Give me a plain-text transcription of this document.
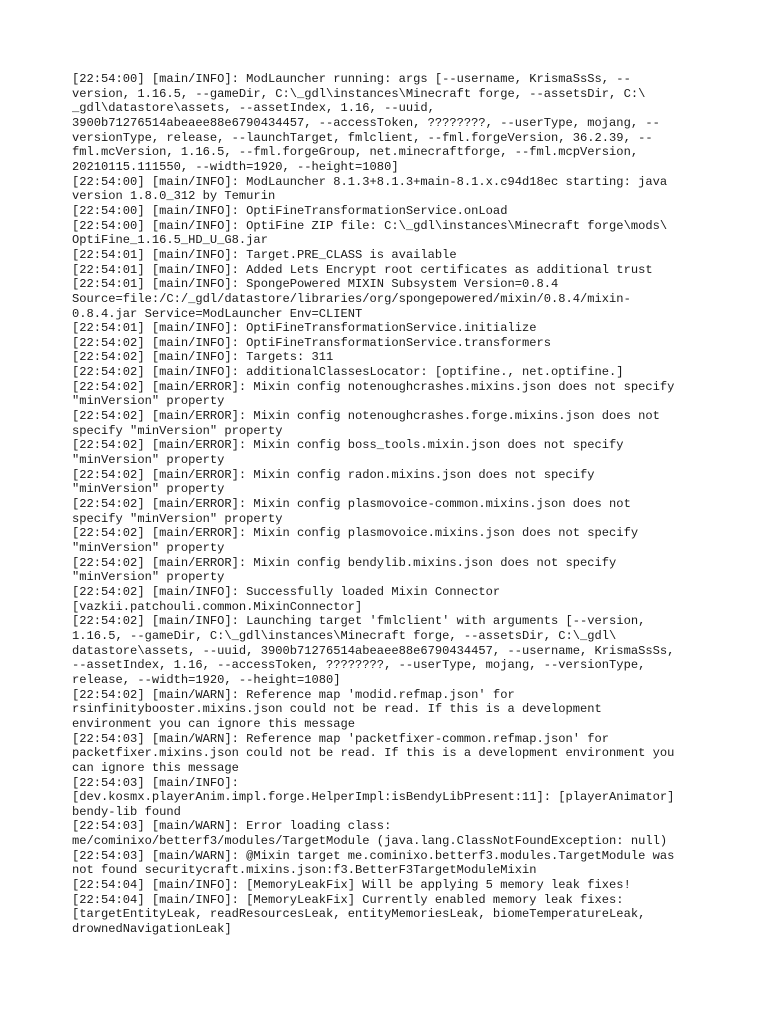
[22:54:00] [main/INFO]: ModLauncher running: args [--username, KrismaSsSs, --
version, 1.16.5, --gameDir, C:\_gdl\instances\Minecraft forge, --assetsDir, C:\
_gdl\datastore\assets, --assetIndex, 1.16, --uuid,
3900b71276514abeaee88e6790434457, --accessToken, ????????, --userType, mojang, --
versionType, release, --launchTarget, fmlclient, --fml.forgeVersion, 36.2.39, --
fml.mcVersion, 1.16.5, --fml.forgeGroup, net.minecraftforge, --fml.mcpVersion,
20210115.111550, --width=1920, --height=1080]
[22:54:00] [main/INFO]: ModLauncher 8.1.3+8.1.3+main-8.1.x.c94d18ec starting: java
version 1.8.0_312 by Temurin
[22:54:00] [main/INFO]: OptiFineTransformationService.onLoad
[22:54:00] [main/INFO]: OptiFine ZIP file: C:\_gdl\instances\Minecraft forge\mods\
OptiFine_1.16.5_HD_U_G8.jar
[22:54:01] [main/INFO]: Target.PRE_CLASS is available
[22:54:01] [main/INFO]: Added Lets Encrypt root certificates as additional trust
[22:54:01] [main/INFO]: SpongePowered MIXIN Subsystem Version=0.8.4
Source=file:/C:/_gdl/datastore/libraries/org/spongepowered/mixin/0.8.4/mixin-
0.8.4.jar Service=ModLauncher Env=CLIENT
[22:54:01] [main/INFO]: OptiFineTransformationService.initialize
[22:54:02] [main/INFO]: OptiFineTransformationService.transformers
[22:54:02] [main/INFO]: Targets: 311
[22:54:02] [main/INFO]: additionalClassesLocator: [optifine., net.optifine.]
[22:54:02] [main/ERROR]: Mixin config notenoughcrashes.mixins.json does not specify
"minVersion" property
[22:54:02] [main/ERROR]: Mixin config notenoughcrashes.forge.mixins.json does not
specify "minVersion" property
[22:54:02] [main/ERROR]: Mixin config boss_tools.mixin.json does not specify
"minVersion" property
[22:54:02] [main/ERROR]: Mixin config radon.mixins.json does not specify
"minVersion" property
[22:54:02] [main/ERROR]: Mixin config plasmovoice-common.mixins.json does not
specify "minVersion" property
[22:54:02] [main/ERROR]: Mixin config plasmovoice.mixins.json does not specify
"minVersion" property
[22:54:02] [main/ERROR]: Mixin config bendylib.mixins.json does not specify
"minVersion" property
[22:54:02] [main/INFO]: Successfully loaded Mixin Connector
[vazkii.patchouli.common.MixinConnector]
[22:54:02] [main/INFO]: Launching target 'fmlclient' with arguments [--version,
1.16.5, --gameDir, C:\_gdl\instances\Minecraft forge, --assetsDir, C:\_gdl\
datastore\assets, --uuid, 3900b71276514abeaee88e6790434457, --username, KrismaSsSs,
--assetIndex, 1.16, --accessToken, ????????, --userType, mojang, --versionType,
release, --width=1920, --height=1080]
[22:54:02] [main/WARN]: Reference map 'modid.refmap.json' for
rsinfinitybooster.mixins.json could not be read. If this is a development
environment you can ignore this message
[22:54:03] [main/WARN]: Reference map 'packetfixer-common.refmap.json' for
packetfixer.mixins.json could not be read. If this is a development environment you
can ignore this message
[22:54:03] [main/INFO]:
[dev.kosmx.playerAnim.impl.forge.HelperImpl:isBendyLibPresent:11]: [playerAnimator]
bendy-lib found
[22:54:03] [main/WARN]: Error loading class:
me/cominixo/betterf3/modules/TargetModule (java.lang.ClassNotFoundException: null)
[22:54:03] [main/WARN]: @Mixin target me.cominixo.betterf3.modules.TargetModule was
not found securitycraft.mixins.json:f3.BetterF3TargetModuleMixin
[22:54:04] [main/INFO]: [MemoryLeakFix] Will be applying 5 memory leak fixes!
[22:54:04] [main/INFO]: [MemoryLeakFix] Currently enabled memory leak fixes:
[targetEntityLeak, readResourcesLeak, entityMemoriesLeak, biomeTemperatureLeak,
drownedNavigationLeak]
